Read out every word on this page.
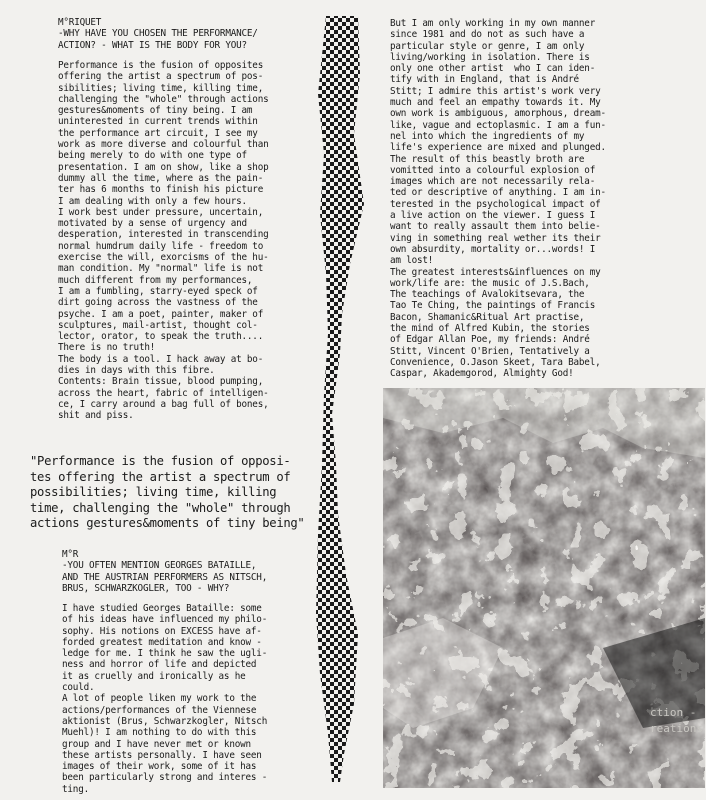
M°RIQUET

-WHY HAVE YOU CHOSEN THE PERFORMANCE/
ACTION? - WHAT IS THE BODY FOR YOU?

Performance is the fusion of opposites
offering the artist a spectrum of pos-
sibilities; living time, killing time,
challenging the "whole" through actions
gestures&moments of tiny being. I am
uninterested in current trends within
the performance art circuit, I see my
work as more diverse and colourful than
being merely to do with one type of
presentation. I am on show, like a shop
dummy all the time, where as the pain-
ter has 6 months to finish his picture
I am dealing with only a few hours.
I work best under pressure, uncertain,
motivated by a sense of urgency and
desperation, interested in transcending
normal humdrum daily life - freedom to
exercise the will, exorcisms of the hu-
man condition. My "normal" life is not
much different from my performances,
I am a fumbling, starry-eyed speck of
dirt going across the vastness of the
psyche. I am a poet, painter, maker of
sculptures, mail-artist, thought col-
lector, orator, to speak the truth....
There is no truth!
The body is a tool. I hack away at bo-
dies in days with this fibre.
Contents: Brain tissue, blood pumping,
across the heart, fabric of intelligen-
ce, I carry around a bag full of bones,
shit and piss.

But I am only working in my own manner
since 1981 and do not as such have a
particular style or genre, I am only
living/working in isolation. There is
only one other artist  who I can iden-
tify with in England, that is André
Stitt; I admire this artist's work very
much and feel an empathy towards it. My
own work is ambiguous, amorphous, dream-
like, vague and ectoplasmic. I am a fun-
nel into which the ingredients of my
life's experience are mixed and plunged.
The result of this beastly broth are
vomitted into a colourful explosion of
images which are not necessarily rela-
ted or descriptive of anything. I am in-
terested in the psychological impact of
a live action on the viewer. I guess I
want to really assault them into belie-
ving in something real wether its their
own absurdity, mortality or...words! I
am lost!
The greatest interests&influences on my
work/life are: the music of J.S.Bach,
The teachings of Avalokitsevara, the
Tao Te Ching, the paintings of Francis
Bacon, Shamanic&Ritual Art practise,
the mind of Alfred Kubin, the stories
of Edgar Allan Poe, my friends: André
Stitt, Vincent O'Brien, Tentatively a
Convenience, O.Jason Skeet, Tara Babel,
Caspar, Akademgorod, Almighty God!

"Performance is the fusion of opposi-
tes offering the artist a spectrum of
possibilities; living time, killing
time, challenging the "whole" through
actions gestures&moments of tiny being"

ction -
reations

M°R

-YOU OFTEN MENTION GEORGES BATAILLE,
AND THE AUSTRIAN PERFORMERS AS NITSCH,
BRUS, SCHWARZKOGLER, TOO - WHY?

I have studied Georges Bataille: some
of his ideas have influenced my philo-
sophy. His notions on EXCESS have af-
forded greatest meditation and know -
ledge for me. I think he saw the ugli-
ness and horror of life and depicted
it as cruelly and ironically as he
could.
A lot of people liken my work to the
actions/performances of the Viennese
aktionist (Brus, Schwarzkogler, Nitsch
Muehl)! I am nothing to do with this
group and I have never met or known
these artists personally. I have seen
images of their work, some of it has
been particularly strong and interes -
ting.
